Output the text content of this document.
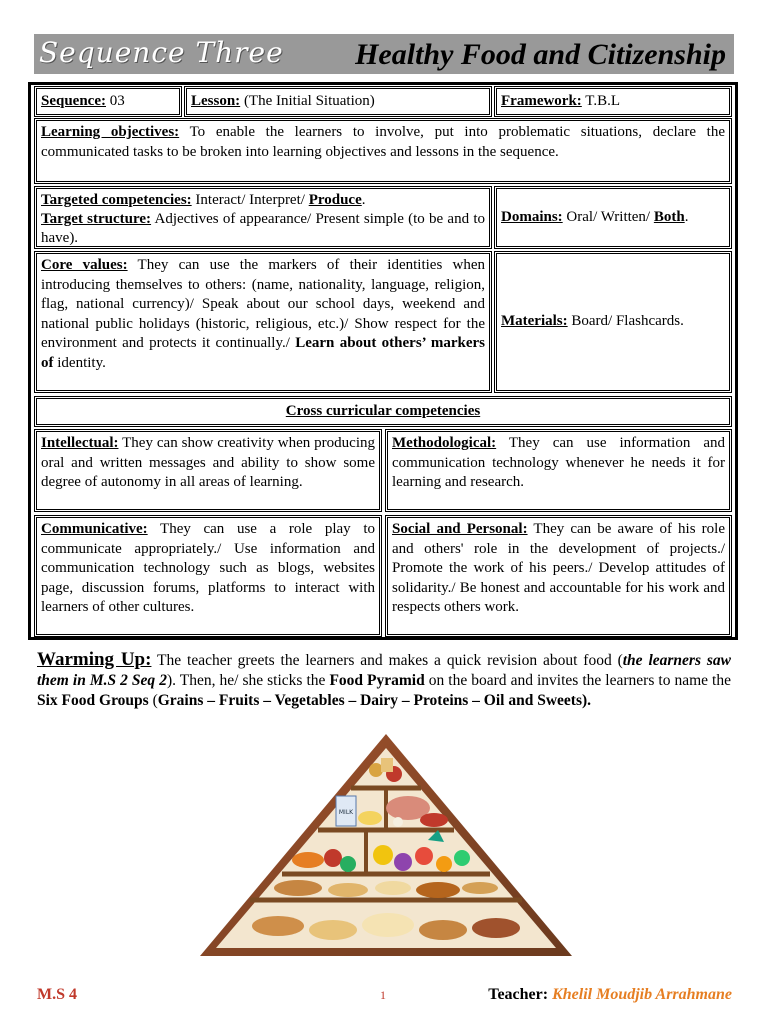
Sequence Three Healthy Food and Citizenship
Sequence: 03	Lesson: (The Initial Situation)	Framework: T.B.L
Learning objectives: To enable the learners to involve, put into problematic situations, declare the communicated tasks to be broken into learning objectives and lessons in the sequence.
Targeted competencies: Interact/ Interpret/ Produce.
Target structure: Adjectives of appearance/ Present simple (to be and to have).
Domains: Oral/ Written/ Both.
Core values: They can use the markers of their identities when introducing themselves to others: (name, nationality, language, religion, flag, national currency)/ Speak about our school days, weekend and national public holidays (historic, religious, etc.)/ Show respect for the environment and protects it continually./ Learn about others’ markers of identity.
Materials: Board/ Flashcards.
Cross curricular competencies
Intellectual: They can show creativity when producing oral and written messages and ability to show some degree of autonomy in all areas of learning.
Methodological: They can use information and communication technology whenever he needs it for learning and research.
Communicative: They can use a role play to communicate appropriately./ Use information and communication technology such as blogs, websites page, discussion forums, platforms to interact with learners of other cultures.
Social and Personal: They can be aware of his role and others' role in the development of projects./ Promote the work of his peers./ Develop attitudes of solidarity./ Be honest and accountable for his work and respects others work.
Warming Up: The teacher greets the learners and makes a quick revision about food (the learners saw them in M.S 2 Seq 2). Then, he/ she sticks the Food Pyramid on the board and invites the learners to name the Six Food Groups (Grains – Fruits – Vegetables – Dairy – Proteins – Oil and Sweets).
MILK
M.S 4	1	Teacher: Khelil Moudjib Arrahmane
